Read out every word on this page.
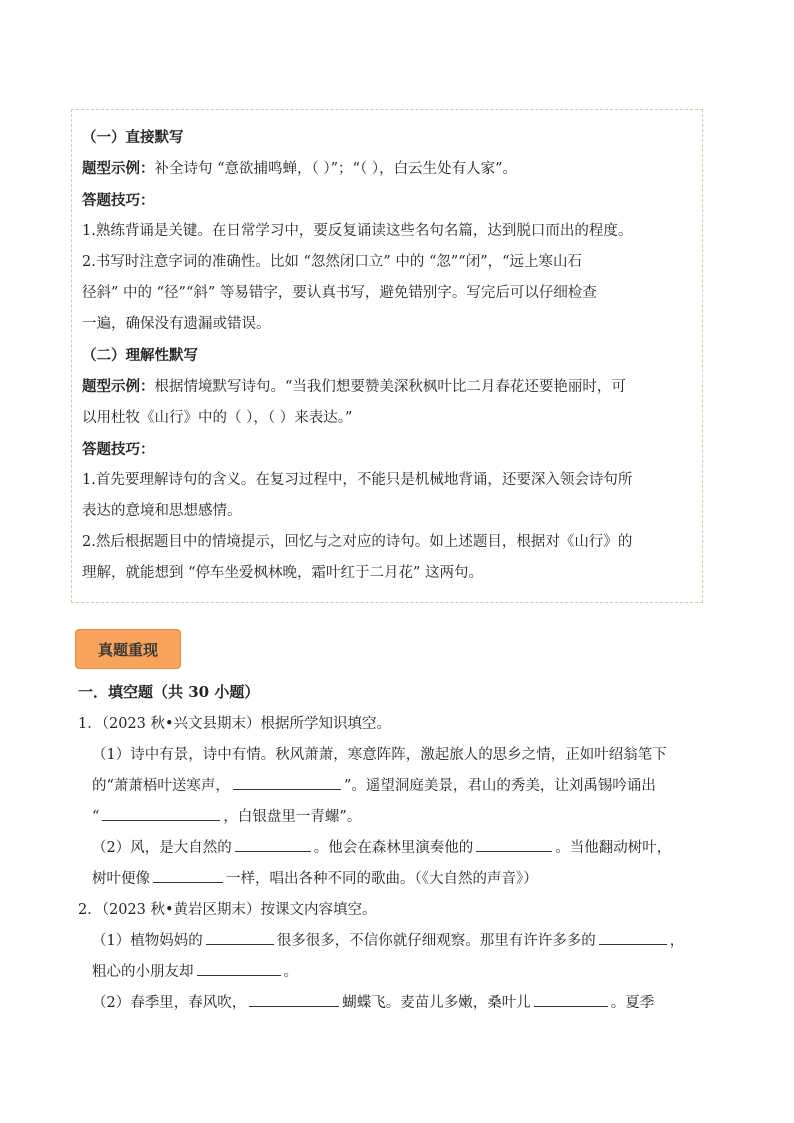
（一）直接默写
题型示例：补全诗句 “意欲捕鸣蝉，（ ）”；“（ ），白云生处有人家”。
答题技巧：
1.熟练背诵是关键。在日常学习中，要反复诵读这些名句名篇，达到脱口而出的程度。
2.书写时注意字词的准确性。比如 “忽然闭口立” 中的 “忽”“闭”，“远上寒山石
径斜” 中的 “径”“斜” 等易错字，要认真书写，避免错别字。写完后可以仔细检查
一遍，确保没有遗漏或错误。
（二）理解性默写
题型示例：根据情境默写诗句。“当我们想要赞美深秋枫叶比二月春花还要艳丽时，可
以用杜牧《山行》中的（ ），（ ）来表达。”
答题技巧：
1.首先要理解诗句的含义。在复习过程中，不能只是机械地背诵，还要深入领会诗句所
表达的意境和思想感情。
2.然后根据题目中的情境提示，回忆与之对应的诗句。如上述题目，根据对《山行》的
理解，就能想到 “停车坐爱枫林晚，霜叶红于二月花” 这两句。
真题重现
一．填空题（共 30 小题）
1．（2023 秋•兴文县期末）根据所学知识填空。
（1）诗中有景，诗中有情。秋风萧萧，寒意阵阵，激起旅人的思乡之情，正如叶绍翁笔下
的“萧萧梧叶送寒声，	”。遥望洞庭美景，君山的秀美，让刘禹锡吟诵出
“	，白银盘里一青螺”。
（2）风，是大自然的	。他会在森林里演奏他的	。当他翻动树叶，
树叶便像	一样，唱出各种不同的歌曲。（《大自然的声音》）
2．（2023 秋•黄岩区期末）按课文内容填空。
（1）植物妈妈的	很多很多，不信你就仔细观察。那里有许许多多的	，
粗心的小朋友却	。
（2）春季里，春风吹，	蝴蝶飞。麦苗儿多嫩，桑叶儿	。夏季
